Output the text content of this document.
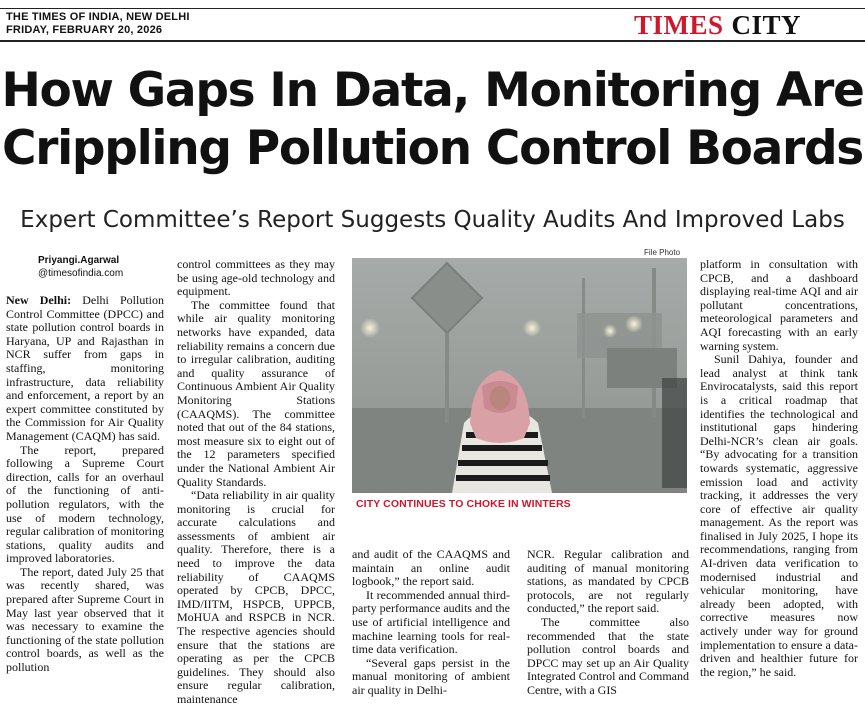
THE TIMES OF INDIA, NEW DELHI
FRIDAY, FEBRUARY 20, 2026	TIMES CITY
How Gaps In Data, Monitoring Are
Crippling Pollution Control Boards
Expert Committee’s Report Suggests Quality Audits And Improved Labs
Priyangi.Agarwal
@timesofindia.com

New Delhi: Delhi Pollution Control Committee (DPCC) and state pollution control boards in Haryana, UP and Rajasthan in NCR suffer from gaps in staffing, monitoring infrastructure, data reliability and enforcement, a report by an expert committee constituted by the Commission for Air Quality Management (CAQM) has said.

The report, prepared following a Supreme Court direction, calls for an overhaul of the functioning of anti-pollution regulators, with the use of modern technology, regular calibration of monitoring stations, quality audits and improved laboratories.

The report, dated July 25 that was recently shared, was prepared after Supreme Court in May last year observed that it was necessary to examine the functioning of the state pollution control boards, as well as the pollution

control committees as they may be using age-old technology and equipment.

The committee found that while air quality monitoring networks have expanded, data reliability remains a concern due to irregular calibration, auditing and quality assurance of Continuous Ambient Air Quality Monitoring Stations (CAAQMS). The committee noted that out of the 84 stations, most measure six to eight out of the 12 parameters specified under the National Ambient Air Quality Standards.

“Data reliability in air quality monitoring is crucial for accurate calculations and assessments of ambient air quality. Therefore, there is a need to improve the data reliability of CAAQMS operated by CPCB, DPCC, IMD/IITM, HSPCB, UPPCB, MoHUA and RSPCB in NCR. The respective agencies should ensure that the stations are operating as per the CPCB guidelines. They should also ensure regular calibration, maintenance

File Photo
CITY CONTINUES TO CHOKE IN WINTERS

and audit of the CAAQMS and maintain an online audit logbook,” the report said.

It recommended annual third-party performance audits and the use of artificial intelligence and machine learning tools for real-time data verification.

“Several gaps persist in the manual monitoring of ambient air quality in Delhi-

NCR. Regular calibration and auditing of manual monitoring stations, as mandated by CPCB protocols, are not regularly conducted,” the report said.

The committee also recommended that the state pollution control boards and DPCC may set up an Air Quality Integrated Control and Command Centre, with a GIS

platform in consultation with CPCB, and a dashboard displaying real-time AQI and air pollutant concentrations, meteorological parameters and AQI forecasting with an early warning system.

Sunil Dahiya, founder and lead analyst at think tank Envirocatalysts, said this report is a critical roadmap that identifies the technological and institutional gaps hindering Delhi-NCR’s clean air goals. “By advocating for a transition towards systematic, aggressive emission load and activity tracking, it addresses the very core of effective air quality management. As the report was finalised in July 2025, I hope its recommendations, ranging from AI-driven data verification to modernised industrial and vehicular monitoring, have already been adopted, with corrective measures now actively under way for ground implementation to ensure a data-driven and healthier future for the region,” he said.
